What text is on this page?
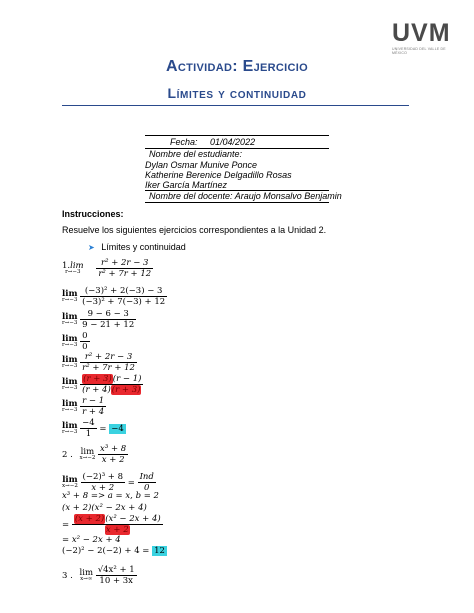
UVM
UNIVERSIDAD DEL VALLE DE MÉXICO
Actividad: Ejercicio
Límites y continuidad
Fecha: 01/04/2022
Nombre del estudiante:
Dylan Osmar Munive Ponce
Katherine Berenice Delgadillo Rosas
Iker García Martínez
Nombre del docente: Araujo Monsalvo Benjamin
Instrucciones:
Resuelve los siguientes ejercicios correspondientes a la Unidad 2.
➤ Límites y continuidad
1.lim
r→−3
	$\frac{\text{r² + 2r − 3}}{\text{r² + 7r + 12}}$
lim
r→−3
$\frac{\text{(−3)² + 2(−3) − 3}}{\text{(−3)² + 7(−3) + 12}}$
lim
r→−3
$\frac{9 - 6 - 3}{9 - 21 + 12}$
lim
r→−3
$\frac{0}{0}$
lim
r→−3
$\frac{\text{r² + 2r − 3}}{\text{r² + 7r + 12}}$
lim
r→−3
$\frac{(r + 3)(r - 1)}{(r + 4)(r + 3)}$
lim
r→−3
$\frac{r - 1}{r + 4}$
lim
r→−3
$\frac{-4}{1} = -4$
2 . lim
x→−2
$\frac{\text{x³ + 8}}{x + 2}$
lim
x→−2
$\frac{\text{(−2)³ + 8}}{x + 2} = \frac{\text{Ind}}{0}$
x³ + 8 => a = x, b = 2
(x + 2)(x² − 2x + 4)
= $\frac{\text{(x + 2)(x² − 2x + 4)}}{x + 2}$
= x² − 2x + 4
(−2)² − 2(−2) + 4 = 12
3 . lim
x→∞
$\frac{\text{√4x² + 1}}{10 + 3x}$
